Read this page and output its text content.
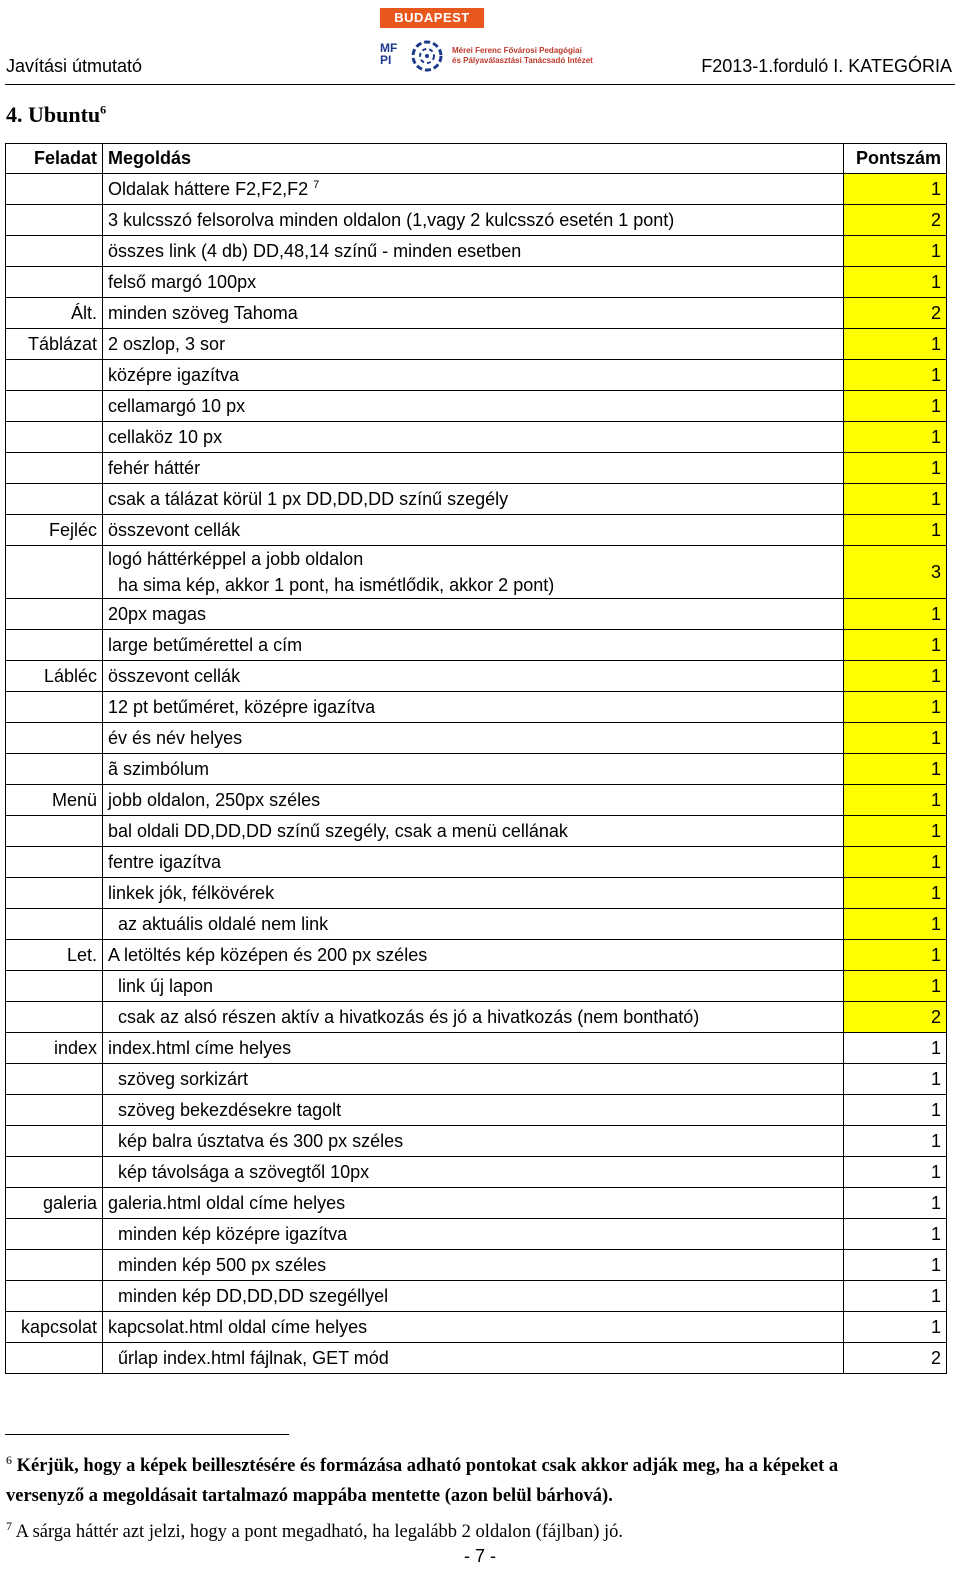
BUDAPEST
MF PI
Mérei Ferenc Fővárosi Pedagógiai
és Pályaválasztási Tanácsadó Intézet
Javítási útmutató	F2013-1.forduló I. KATEGÓRIA
4. Ubuntu$^6$
Feladat	Megoldás	Pontszám
	Oldalak háttere F2,F2,F2 $^7$	1
	3 kulcsszó felsorolva minden oldalon (1,vagy 2 kulcsszó esetén 1 pont)	2
	összes link (4 db) DD,48,14 színű - minden esetben	1
	felső margó 100px	1
Ált.	minden szöveg Tahoma	2
Táblázat	2 oszlop, 3 sor	1
	középre igazítva	1
	cellamargó 10 px	1
	cellaköz 10 px	1
	fehér háttér	1
	csak a tálázat körül 1 px DD,DD,DD színű szegély	1
Fejléc	összevont cellák	1

	logó háttérképpel a jobb oldalon
ha sima kép, akkor 1 pont, ha ismétlődik, akkor 2 pont)	3
	20px magas	1
	large betűmérettel a cím	1
Lábléc	összevont cellák	1
	12 pt betűméret, középre igazítva	1
	év és név helyes	1
	ã szimbólum	1
Menü	jobb oldalon, 250px széles	1
	bal oldali DD,DD,DD színű szegély, csak a menü cellának	1
	fentre igazítva	1
	linkek jók, félkövérek	1
	az aktuális oldalé nem link	1
Let.	A letöltés kép középen és 200 px széles	1
	link új lapon	1
	csak az alsó részen aktív a hivatkozás és jó a hivatkozás (nem bontható)	2
index	index.html címe helyes	1
	szöveg sorkizárt	1
	szöveg bekezdésekre tagolt	1
	kép balra úsztatva és 300 px széles	1
	kép távolsága a szövegtől 10px	1
galeria	galeria.html oldal címe helyes	1
	minden kép középre igazítva	1
	minden kép 500 px széles	1
	minden kép DD,DD,DD szegéllyel	1
kapcsolat	kapcsolat.html oldal címe helyes	1
	űrlap index.html fájlnak, GET mód	2
$^6$ Kérjük, hogy a képek beillesztésére és formázása adható pontokat csak akkor adják meg, ha a képeket a versenyző a megoldásait tartalmazó mappába mentette (azon belül bárhová).
$^7$ A sárga háttér azt jelzi, hogy a pont megadható, ha legalább 2 oldalon (fájlban) jó.
- 7 -
